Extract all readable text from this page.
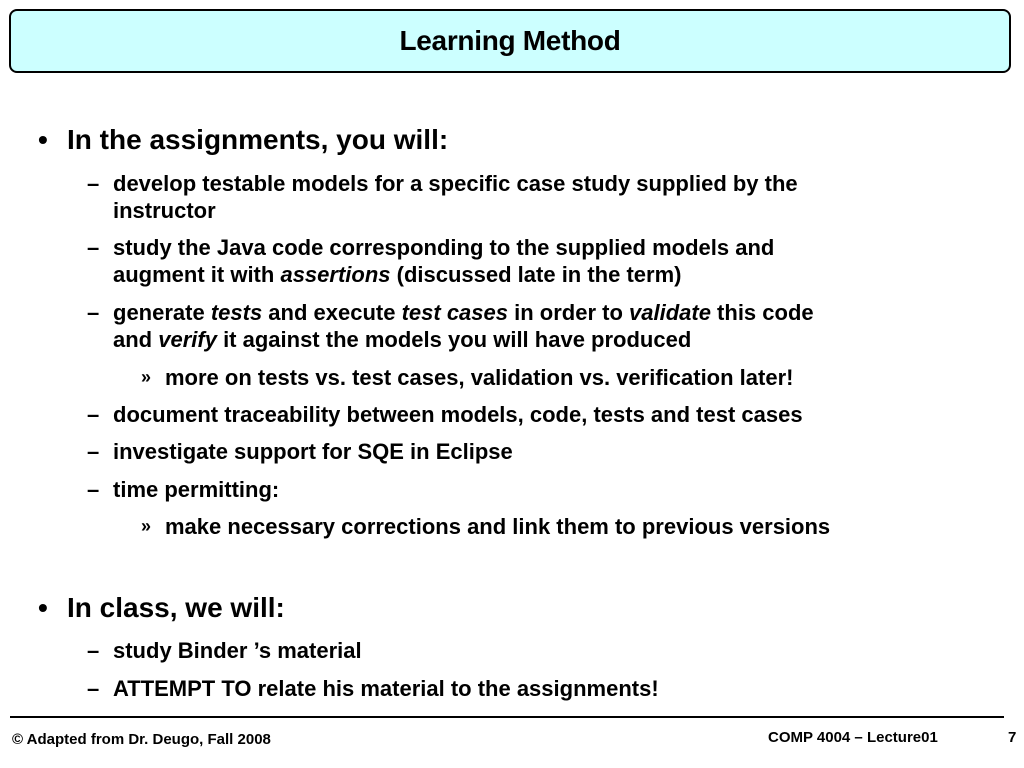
Learning Method
• In the assignments, you will:
– develop testable models for a specific case study supplied by the
instructor
– study the Java code corresponding to the supplied models and
augment it with assertions (discussed late in the term)
– generate tests and execute test cases in order to validate this code
and verify it against the models you will have produced
» more on tests vs. test cases, validation vs. verification later!
– document traceability between models, code, tests and test cases
– investigate support for SQE in Eclipse
– time permitting:
» make necessary corrections and link them to previous versions
• In class, we will:
– study Binder ’s material
– ATTEMPT TO relate his material to the assignments!
© Adapted from Dr. Deugo, Fall 2008	COMP 4004 – Lecture01	7
